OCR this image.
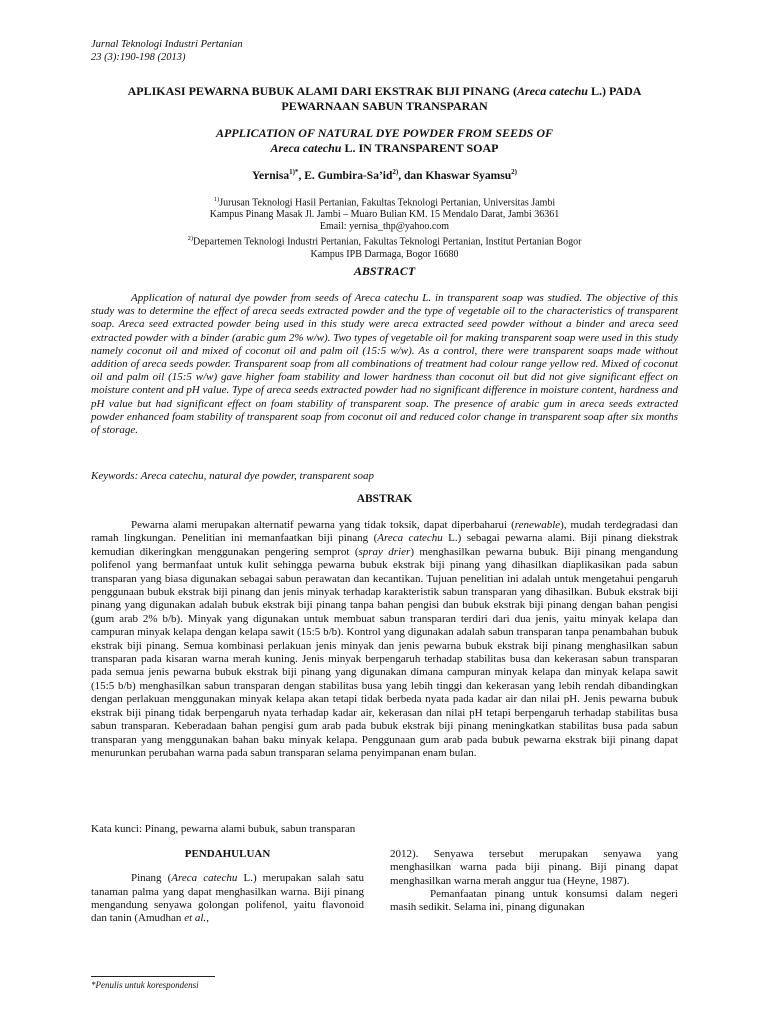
Jurnal Teknologi Industri Pertanian
23 (3):190-198 (2013)
APLIKASI PEWARNA BUBUK ALAMI DARI EKSTRAK BIJI PINANG (Areca catechu L.) PADA
PEWARNAAN SABUN TRANSPARAN
APPLICATION OF NATURAL DYE POWDER FROM SEEDS OF
Areca catechu L. IN TRANSPARENT SOAP
Yernisa$^{1)*}$, E. Gumbira-$Sa’id^{2)}$, dan Khaswar Syamsu$^{2)}$
$^{1)}$Jurusan Teknologi Hasil Pertanian, Fakultas Teknologi Pertanian, Universitas Jambi
Kampus Pinang Masak Jl. Jambi – Muaro Bulian KM. 15 Mendalo Darat, Jambi 36361
Email: yernisa_thp@yahoo.com
$^{2)}$Departemen Teknologi Industri Pertanian, Fakultas Teknologi Pertanian, Institut Pertanian Bogor
Kampus IPB Darmaga, Bogor 16680
ABSTRACT

Application of natural dye powder from seeds of Areca catechu L. in transparent soap was studied. The objective of this study was to determine the effect of areca seeds extracted powder and the type of vegetable oil to the characteristics of transparent soap. Areca seed extracted powder being used in this study were areca extracted seed powder without a binder and areca seed extracted powder with a binder (arabic gum 2% w/w). Two types of vegetable oil for making transparent soap were used in this study namely coconut oil and mixed of coconut oil and palm oil (15:5 w/w). As a control, there were transparent soaps made without addition of areca seeds powder. Transparent soap from all combinations of treatment had colour range yellow red. Mixed of coconut oil and palm oil (15:5 w/w) gave higher foam stability and lower hardness than coconut oil but did not give significant effect on moisture content and pH value. Type of areca seeds extracted powder had no significant difference in moisture content, hardness and pH value but had significant effect on foam stability of transparent soap. The presence of arabic gum in areca seeds extracted powder enhanced foam stability of transparent soap from coconut oil and reduced color change in transparent soap after six months of storage.

Keywords: Areca catechu, natural dye powder, transparent soap
ABSTRAK

Pewarna alami merupakan alternatif pewarna yang tidak toksik, dapat diperbaharui (renewable), mudah terdegradasi dan ramah lingkungan. Penelitian ini memanfaatkan biji pinang (Areca catechu L.) sebagai pewarna alami. Biji pinang diekstrak kemudian dikeringkan menggunakan pengering semprot (spray drier) menghasilkan pewarna bubuk. Biji pinang mengandung polifenol yang bermanfaat untuk kulit sehingga pewarna bubuk ekstrak biji pinang yang dihasilkan diaplikasikan pada sabun transparan yang biasa digunakan sebagai sabun perawatan dan kecantikan. Tujuan penelitian ini adalah untuk mengetahui pengaruh penggunaan bubuk ekstrak biji pinang dan jenis minyak terhadap karakteristik sabun transparan yang dihasilkan. Bubuk ekstrak biji pinang yang digunakan adalah bubuk ekstrak biji pinang tanpa bahan pengisi dan bubuk ekstrak biji pinang dengan bahan pengisi (gum arab 2% b/b). Minyak yang digunakan untuk membuat sabun transparan terdiri dari dua jenis, yaitu minyak kelapa dan campuran minyak kelapa dengan kelapa sawit (15:5 b/b). Kontrol yang digunakan adalah sabun transparan tanpa penambahan bubuk ekstrak biji pinang. Semua kombinasi perlakuan jenis minyak dan jenis pewarna bubuk ekstrak biji pinang menghasilkan sabun transparan pada kisaran warna merah kuning. Jenis minyak berpengaruh terhadap stabilitas busa dan kekerasan sabun transparan pada semua jenis pewarna bubuk ekstrak biji pinang yang digunakan dimana campuran minyak kelapa dan minyak kelapa sawit (15:5 b/b) menghasilkan sabun transparan dengan stabilitas busa yang lebih tinggi dan kekerasan yang lebih rendah dibandingkan dengan perlakuan menggunakan minyak kelapa akan tetapi tidak berbeda nyata pada kadar air dan nilai pH. Jenis pewarna bubuk ekstrak biji pinang tidak berpengaruh nyata terhadap kadar air, kekerasan dan nilai pH tetapi berpengaruh terhadap stabilitas busa sabun transparan. Keberadaan bahan pengisi gum arab pada bubuk ekstrak biji pinang meningkatkan stabilitas busa pada sabun transparan yang menggunakan bahan baku minyak kelapa. Penggunaan gum arab pada bubuk pewarna ekstrak biji pinang dapat menurunkan perubahan warna pada sabun transparan selama penyimpanan enam bulan.

Kata kunci: Pinang, pewarna alami bubuk, sabun transparan
PENDAHULUAN

Pinang (Areca catechu L.) merupakan salah satu tanaman palma yang dapat menghasilkan warna. Biji pinang mengandung senyawa golongan polifenol, yaitu flavonoid dan tanin (Amudhan et al.,

2012). Senyawa tersebut merupakan senyawa yang menghasilkan warna pada biji pinang. Biji pinang dapat menghasilkan warna merah anggur tua (Heyne, 1987).

Pemanfaatan pinang untuk konsumsi dalam negeri masih sedikit. Selama ini, pinang digunakan

*Penulis untuk korespondensi
